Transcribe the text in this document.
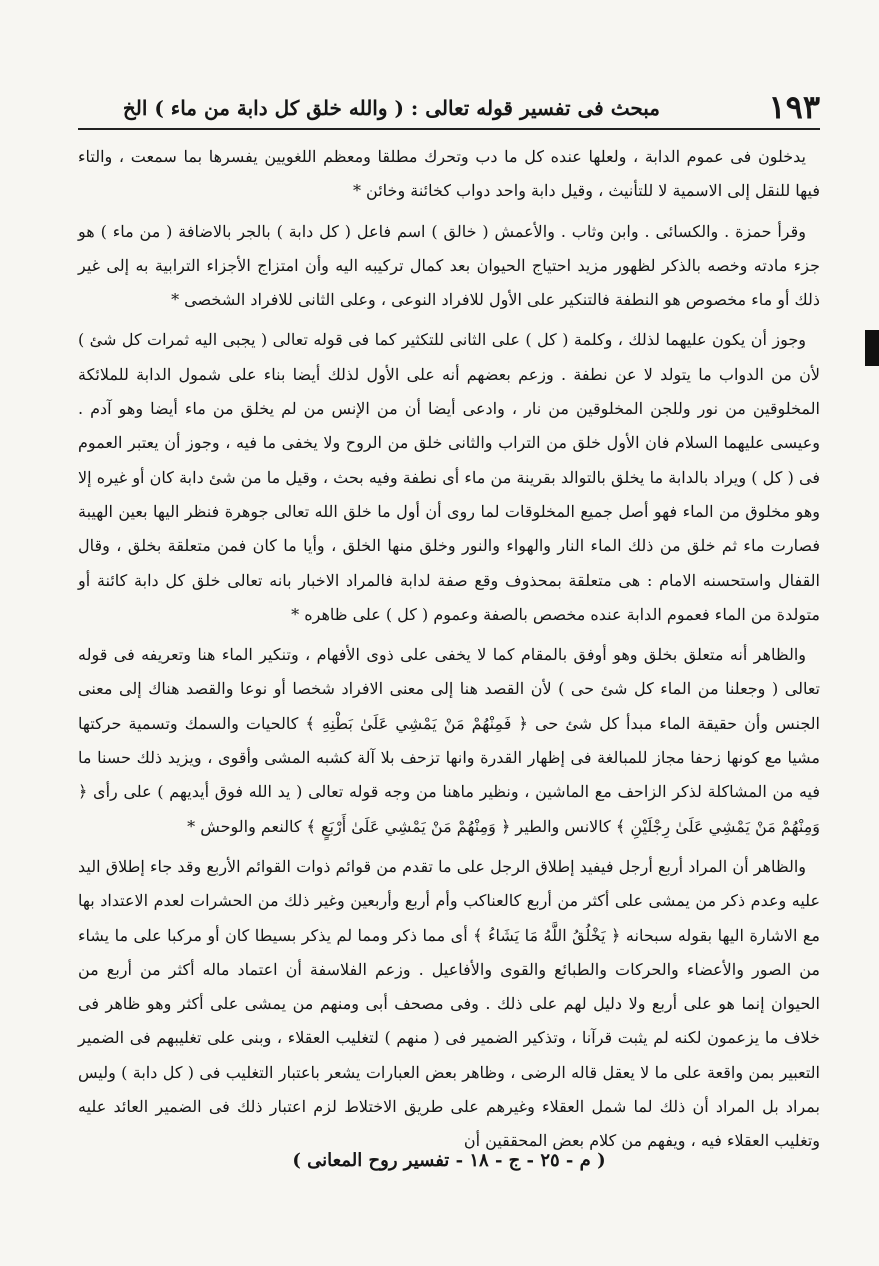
١٩٣
مبحث فى تفسير قوله تعالى : ( والله خلق كل دابة من ماء ) الخ

يدخلون فى عموم الدابة ، ولعلها عنده كل ما دب وتحرك مطلقا ومعظم اللغويين يفسرها بما سمعت ، والتاء فيها للنقل إلى الاسمية لا للتأنيث ، وقيل دابة واحد دواب كخائنة وخائن *

وقرأ حمزة . والكسائى . وابن وثاب . والأعمش ( خالق ) اسم فاعل ( كل دابة ) بالجر بالاضافة ( من ماء ) هو جزء مادته وخصه بالذكر لظهور مزيد احتياج الحيوان بعد كمال تركيبه اليه وأن امتزاج الأجزاء الترابية به إلى غير ذلك أو ماء مخصوص هو النطفة فالتنكير على الأول للافراد النوعى ، وعلى الثانى للافراد الشخصى *

وجوز أن يكون عليهما لذلك ، وكلمة ( كل ) على الثانى للتكثير كما فى قوله تعالى ( يجبى اليه ثمرات كل شئ ) لأن من الدواب ما يتولد لا عن نطفة . وزعم بعضهم أنه على الأول لذلك أيضا بناء على شمول الدابة للملائكة المخلوقين من نور وللجن المخلوقين من نار ، وادعى أيضا أن من الإنس من لم يخلق من ماء أيضا وهو آدم . وعيسى عليهما السلام فان الأول خلق من التراب والثانى خلق من الروح ولا يخفى ما فيه ، وجوز أن يعتبر العموم فى ( كل ) ويراد بالدابة ما يخلق بالتوالد بقرينة من ماء أى نطفة وفيه بحث ، وقيل ما من شئ دابة كان أو غيره إلا وهو مخلوق من الماء فهو أصل جميع المخلوقات لما روى أن أول ما خلق الله تعالى جوهرة فنظر اليها بعين الهيبة فصارت ماء ثم خلق من ذلك الماء النار والهواء والنور وخلق منها الخلق ، وأيا ما كان فمن متعلقة بخلق ، وقال القفال واستحسنه الامام : هى متعلقة بمحذوف وقع صفة لدابة فالمراد الاخبار بانه تعالى خلق كل دابة كائنة أو متولدة من الماء فعموم الدابة عنده مخصص بالصفة وعموم ( كل ) على ظاهره *

والظاهر أنه متعلق بخلق وهو أوفق بالمقام كما لا يخفى على ذوى الأفهام ، وتنكير الماء هنا وتعريفه فى قوله تعالى ( وجعلنا من الماء كل شئ حى ) لأن القصد هنا إلى معنى الافراد شخصا أو نوعا والقصد هناك إلى معنى الجنس وأن حقيقة الماء مبدأ كل شئ حى ﴿ فَمِنْهُمْ مَنْ يَمْشِي عَلَىٰ بَطْنِهِ ﴾ كالحيات والسمك وتسمية حركتها مشيا مع كونها زحفا مجاز للمبالغة فى إظهار القدرة وانها تزحف بلا آلة كشبه المشى وأقوى ، ويزيد ذلك حسنا ما فيه من المشاكلة لذكر الزاحف مع الماشين ، ونظير ماهنا من وجه قوله تعالى ( يد الله فوق أيديهم ) على رأى ﴿ وَمِنْهُمْ مَنْ يَمْشِي عَلَىٰ رِجْلَيْنِ ﴾ كالانس والطير ﴿ وَمِنْهُمْ مَنْ يَمْشِي عَلَىٰ أَرْبَعٍ ﴾ كالنعم والوحش *

والظاهر أن المراد أربع أرجل فيفيد إطلاق الرجل على ما تقدم من قوائم ذوات القوائم الأربع وقد جاء إطلاق اليد عليه وعدم ذكر من يمشى على أكثر من أربع كالعناكب وأم أربع وأربعين وغير ذلك من الحشرات لعدم الاعتداد بها مع الاشارة اليها بقوله سبحانه ﴿ يَخْلُقُ اللَّهُ مَا يَشَاءُ ﴾ أى مما ذكر ومما لم يذكر بسيطا كان أو مركبا على ما يشاء من الصور والأعضاء والحركات والطبائع والقوى والأفاعيل . وزعم الفلاسفة أن اعتماد ماله أكثر من أربع من الحيوان إنما هو على أربع ولا دليل لهم على ذلك . وفى مصحف أبى ومنهم من يمشى على أكثر وهو ظاهر فى خلاف ما يزعمون لكنه لم يثبت قرآنا ، وتذكير الضمير فى ( منهم ) لتغليب العقلاء ، وبنى على تغليبهم فى الضمير التعبير بمن واقعة على ما لا يعقل قاله الرضى ، وظاهر بعض العبارات يشعر باعتبار التغليب فى ( كل دابة ) وليس بمراد بل المراد أن ذلك لما شمل العقلاء وغيرهم على طريق الاختلاط لزم اعتبار ذلك فى الضمير العائد عليه وتغليب العقلاء فيه ، ويفهم من كلام بعض المحققين أن

( م - ٢٥ - ج - ١٨ - تفسير روح المعانى )
